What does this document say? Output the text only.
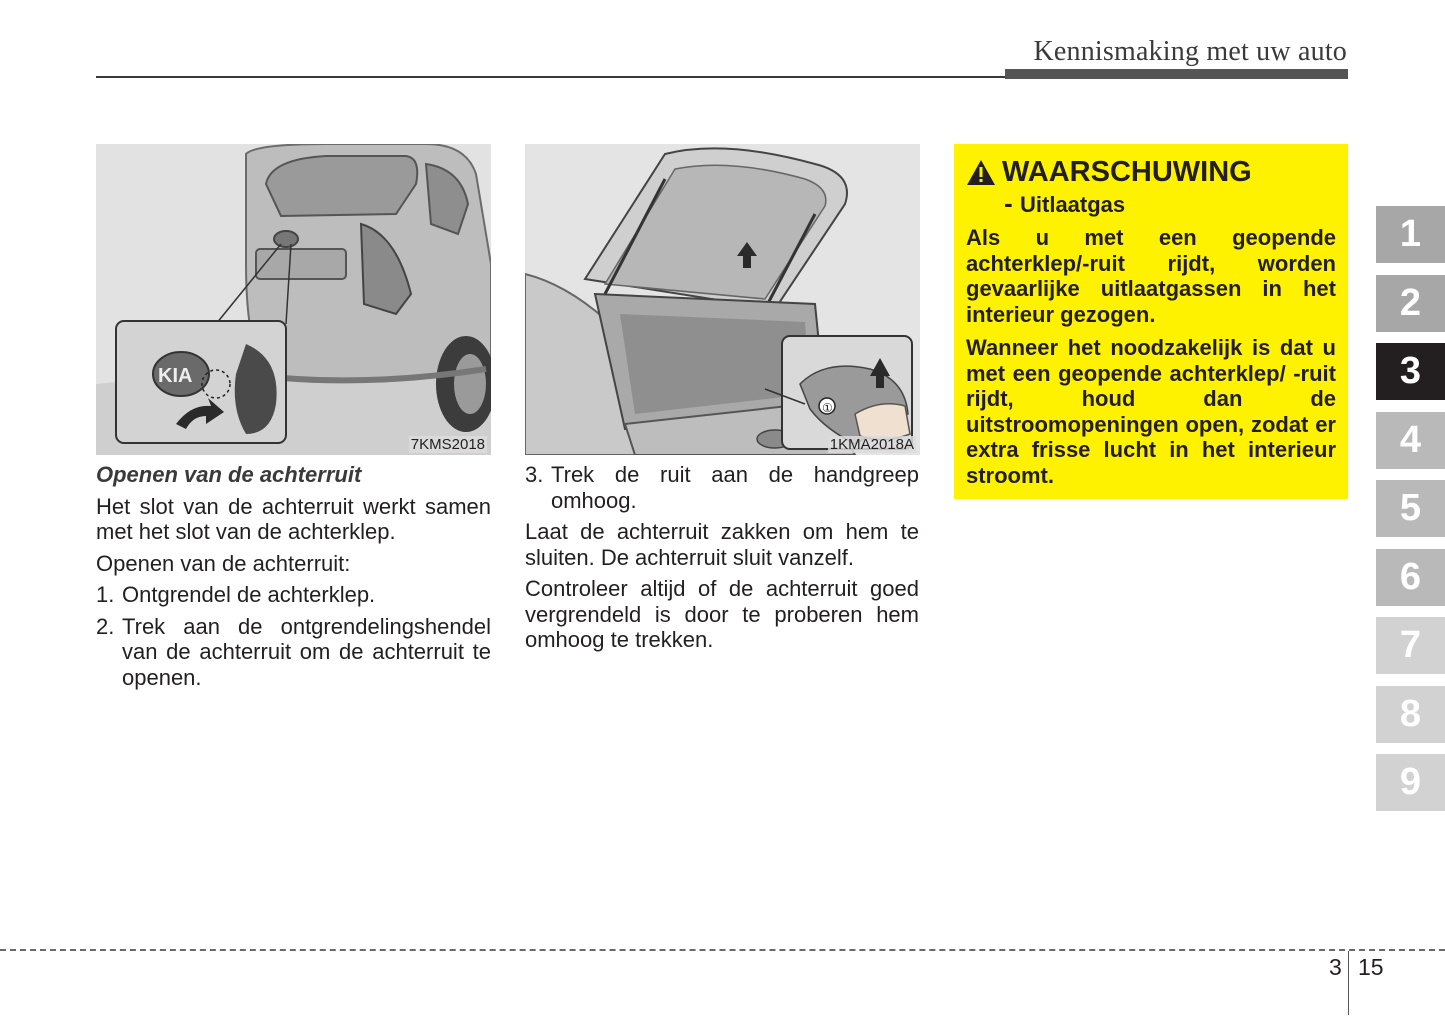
Kennismaking met uw auto
KIA
7KMS2018
①
1KMA2018A

Openen van de achterruit

Het slot van de achterruit werkt samen met het slot van de achterklep.

Openen van de achterruit:

1. Ontgrendel de achterklep.
2. Trek aan de ontgrendelingshendel van de achterruit om de achterruit te openen.
3. Trek de ruit aan de handgreep omhoog.

Laat de achterruit zakken om hem te sluiten. De achterruit sluit vanzelf.

Controleer altijd of de achterruit goed vergrendeld is door te proberen hem omhoog te trekken.

WAARSCHUWING
- Uitlaatgas

Als u met een geopende achterklep/-ruit rijdt, worden gevaarlijke uitlaatgassen in het interieur gezogen.

Wanneer het noodzakelijk is dat u met een geopende achterklep/ -ruit rijdt, houd dan de uitstroomopeningen open, zodat er extra frisse lucht in het interieur stroomt.

1
2
3
4
5
6
7
8
9
3 15
